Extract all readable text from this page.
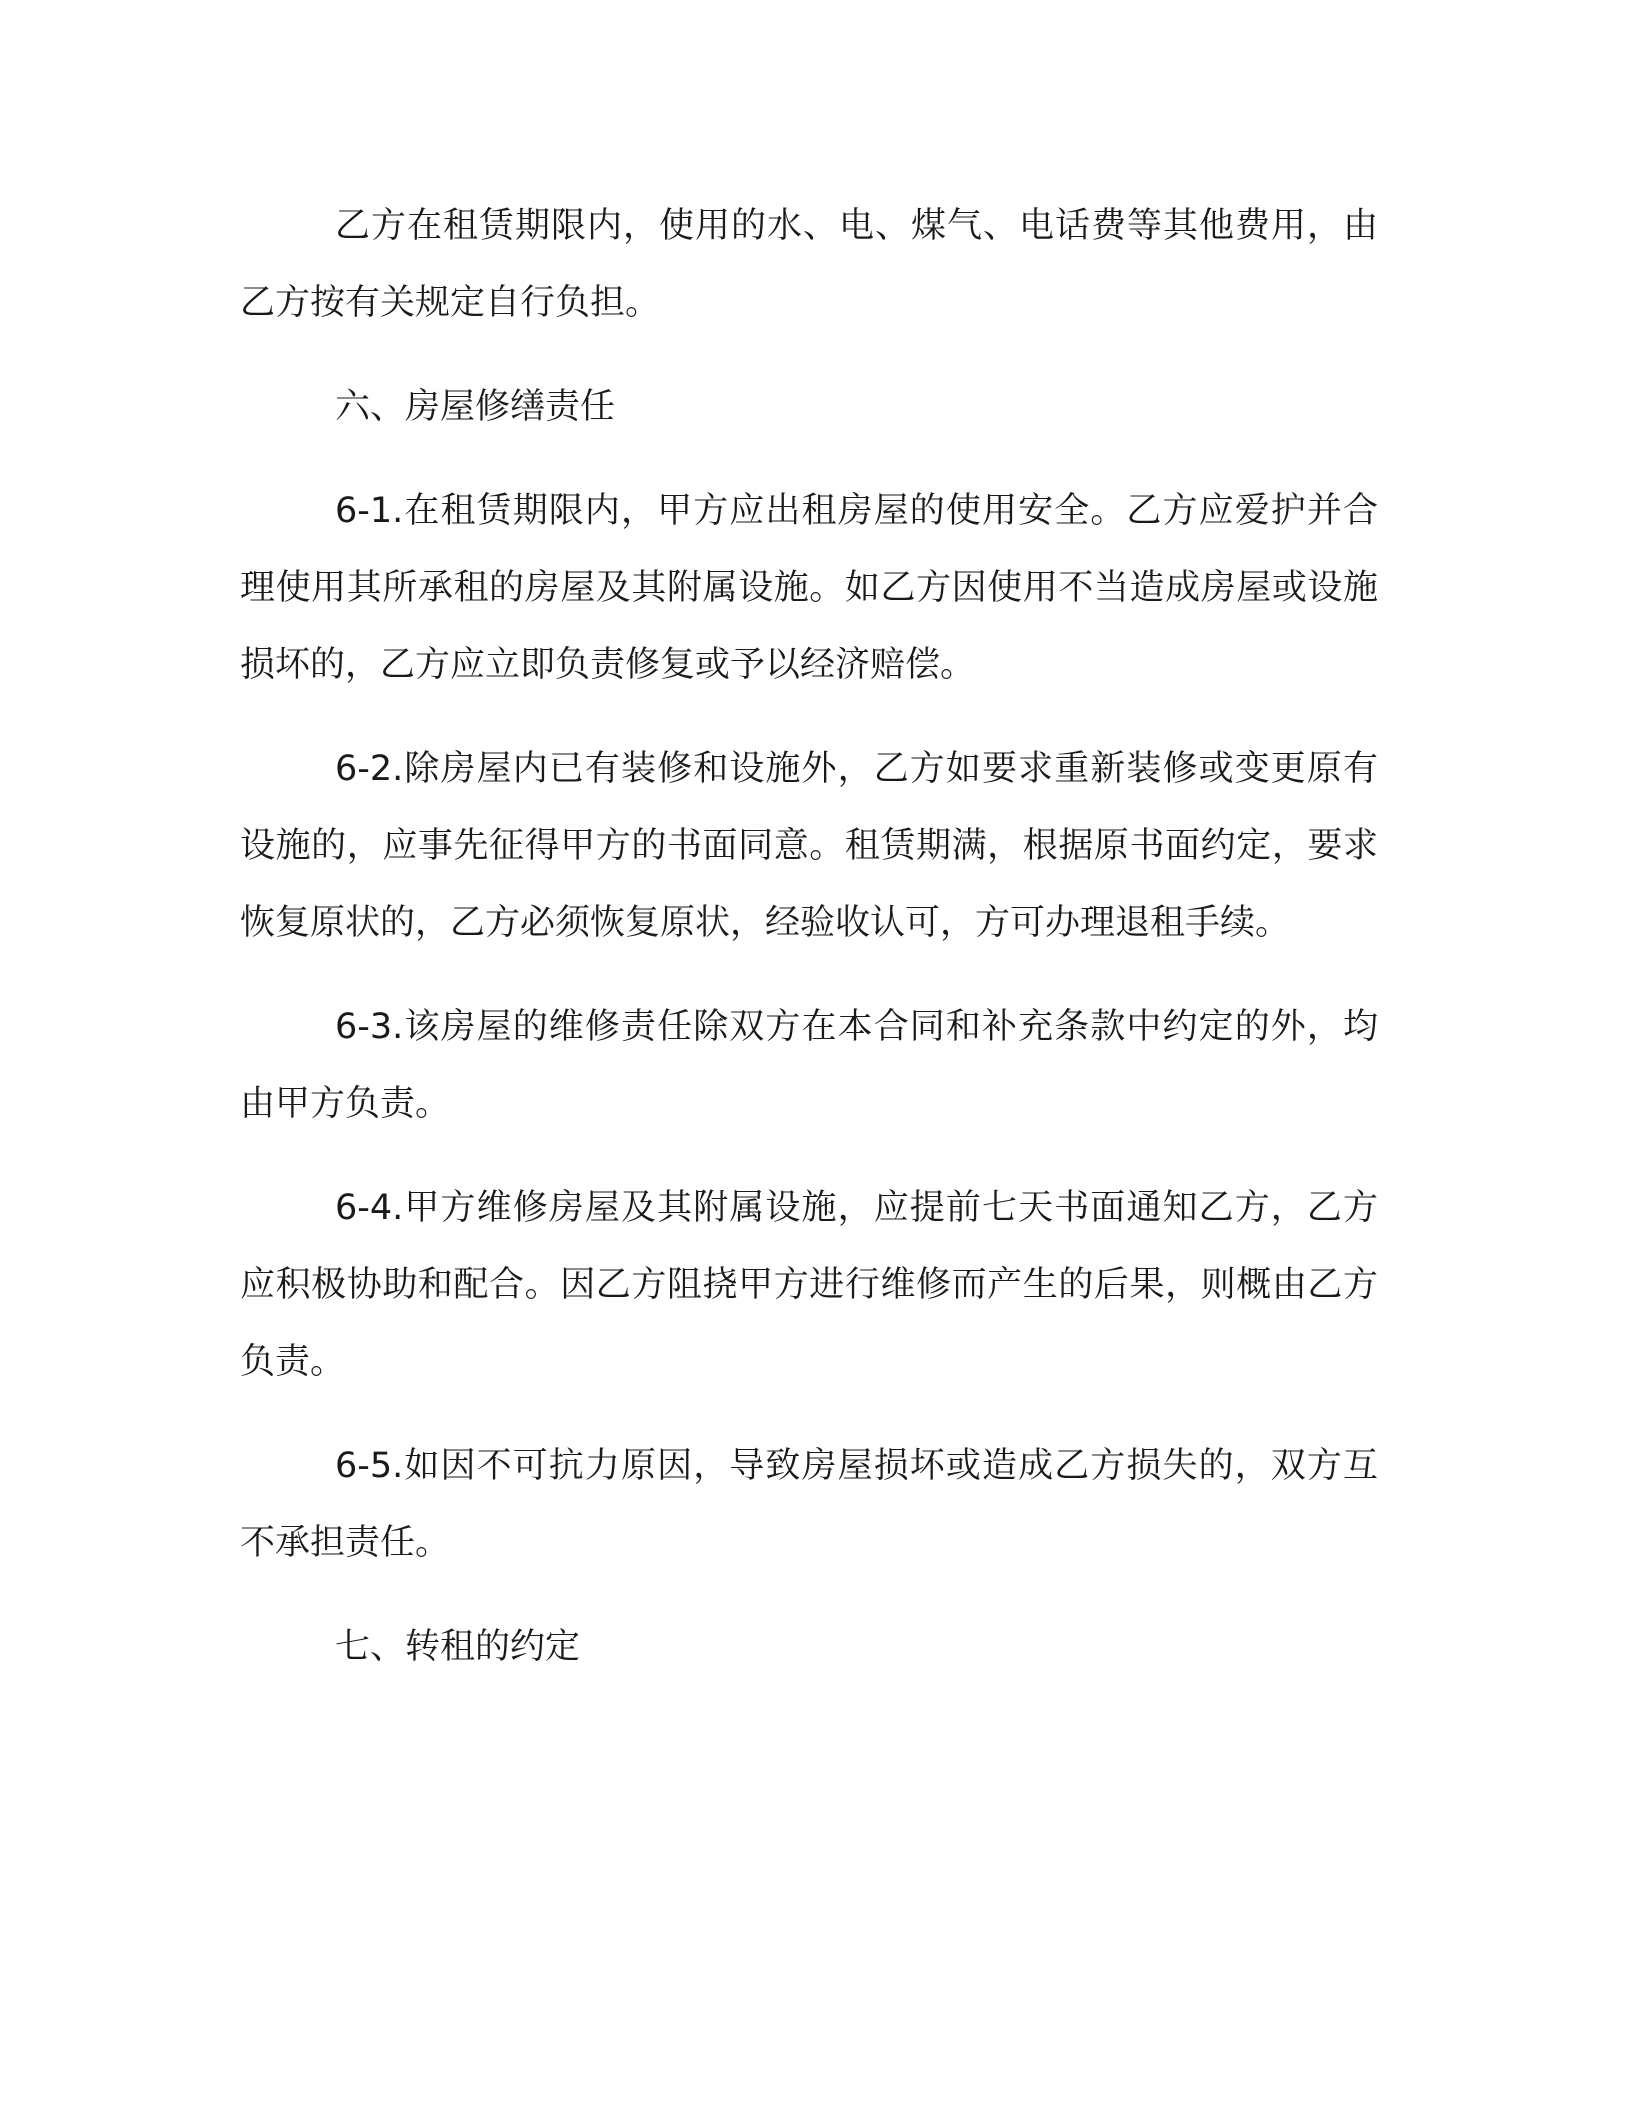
乙方在租赁期限内，使用的水、电、煤气、电话费等其他费用，由乙方按有关规定自行负担。

六、房屋修缮责任

6-1.在租赁期限内，甲方应出租房屋的使用安全。乙方应爱护并合理使用其所承租的房屋及其附属设施。如乙方因使用不当造成房屋或设施损坏的，乙方应立即负责修复或予以经济赔偿。

6-2.除房屋内已有装修和设施外，乙方如要求重新装修或变更原有设施的，应事先征得甲方的书面同意。租赁期满，根据原书面约定，要求恢复原状的，乙方必须恢复原状，经验收认可，方可办理退租手续。

6-3.该房屋的维修责任除双方在本合同和补充条款中约定的外，均由甲方负责。

6-4.甲方维修房屋及其附属设施，应提前七天书面通知乙方，乙方应积极协助和配合。因乙方阻挠甲方进行维修而产生的后果，则概由乙方负责。

6-5.如因不可抗力原因，导致房屋损坏或造成乙方损失的，双方互不承担责任。

七、转租的约定
